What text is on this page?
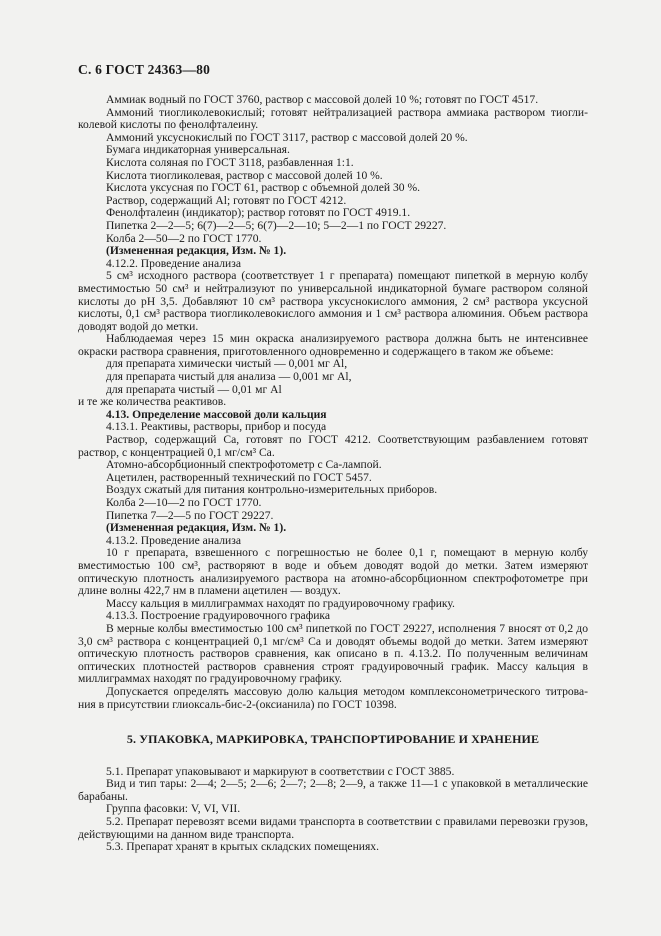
С. 6 ГОСТ 24363—80

Аммиак водный по ГОСТ 3760, раствор с массовой долей 10 %; готовят по ГОСТ 4517.

Аммоний тиогликолевокислый; готовят нейтрализацией раствора аммиака раствором тиогли-колевой кислоты по фенолфталеину.

Аммоний уксуснокислый по ГОСТ 3117, раствор с массовой долей 20 %.

Бумага индикаторная универсальная.

Кислота соляная по ГОСТ 3118, разбавленная 1:1.

Кислота тиогликолевая, раствор с массовой долей 10 %.

Кислота уксусная по ГОСТ 61, раствор с объемной долей 30 %.

Раствор, содержащий Al; готовят по ГОСТ 4212.

Фенолфталеин (индикатор); раствор готовят по ГОСТ 4919.1.

Пипетка 2—2—5; 6(7)—2—5; 6(7)—2—10; 5—2—1 по ГОСТ 29227.

Колба 2—50—2 по ГОСТ 1770.

(Измененная редакция, Изм. № 1).

4.12.2. Проведение анализа

5 см³ исходного раствора (соответствует 1 г препарата) помещают пипеткой в мерную колбу вместимостью 50 см³ и нейтрализуют по универсальной индикаторной бумаге раствором соляной кислоты до pH 3,5. Добавляют 10 см³ раствора уксуснокислого аммония, 2 см³ раствора уксусной кислоты, 0,1 см³ раствора тиогликолевокислого аммония и 1 см³ раствора алюминия. Объем раствора доводят водой до метки.

Наблюдаемая через 15 мин окраска анализируемого раствора должна быть не интенсивнее окраски раствора сравнения, приготовленного одновременно и содержащего в таком же объеме:

для препарата химически чистый — 0,001 мг Al,

для препарата чистый для анализа — 0,001 мг Al,

для препарата чистый — 0,01 мг Al

и те же количества реактивов.

4.13. Определение массовой доли кальция

4.13.1. Реактивы, растворы, прибор и посуда

Раствор, содержащий Ca, готовят по ГОСТ 4212. Соответствующим разбавлением готовят раствор, с концентрацией 0,1 мг/см³ Ca.

Атомно-абсорбционный спектрофотометр с Ca-лампой.

Ацетилен, растворенный технический по ГОСТ 5457.

Воздух сжатый для питания контрольно-измерительных приборов.

Колба 2—10—2 по ГОСТ 1770.

Пипетка 7—2—5 по ГОСТ 29227.

(Измененная редакция, Изм. № 1).

4.13.2. Проведение анализа

10 г препарата, взвешенного с погрешностью не более 0,1 г, помещают в мерную колбу вместимостью 100 см³, растворяют в воде и объем доводят водой до метки. Затем измеряют оптическую плотность анализируемого раствора на атомно-абсорбционном спектрофотометре при длине волны 422,7 нм в пламени ацетилен — воздух.

Массу кальция в миллиграммах находят по градуировочному графику.

4.13.3. Построение градуировочного графика

В мерные колбы вместимостью 100 см³ пипеткой по ГОСТ 29227, исполнения 7 вносят от 0,2 до 3,0 см³ раствора с концентрацией 0,1 мг/см³ Ca и доводят объемы водой до метки. Затем измеряют оптическую плотность растворов сравнения, как описано в п. 4.13.2. По полученным величинам оптических плотностей растворов сравнения строят градуировочный график. Массу кальция в миллиграммах находят по градуировочному графику.

Допускается определять массовую долю кальция методом комплексонометрического титрова-ния в присутствии глиоксаль-бис-2-(оксианила) по ГОСТ 10398.

5. УПАКОВКА, МАРКИРОВКА, ТРАНСПОРТИРОВАНИЕ И ХРАНЕНИЕ

5.1. Препарат упаковывают и маркируют в соответствии с ГОСТ 3885.

Вид и тип тары: 2—4; 2—5; 2—6; 2—7; 2—8; 2—9, а также 11—1 с упаковкой в металлические барабаны.

Группа фасовки: V, VI, VII.

5.2. Препарат перевозят всеми видами транспорта в соответствии с правилами перевозки грузов, действующими на данном виде транспорта.

5.3. Препарат хранят в крытых складских помещениях.
